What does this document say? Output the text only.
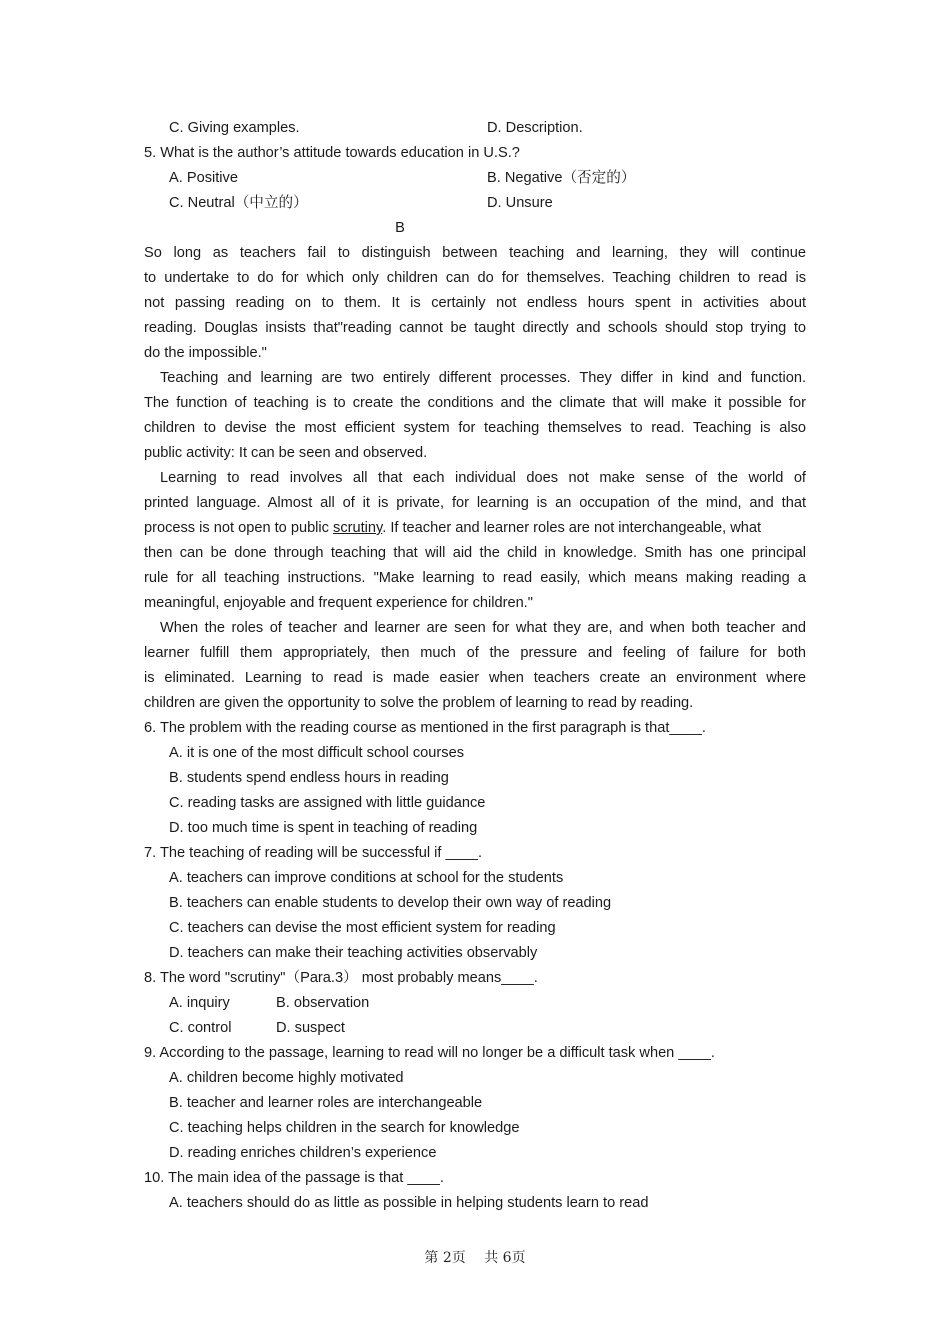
C. Giving examples.	D. Description.
5. What is the author’s attitude towards education in U.S.?
A. Positive	B. Negative（否定的）
C. Neutral（中立的）	D. Unsure
B
So long as teachers fail to distinguish between teaching and learning, they will continue
to undertake to do for which only children can do for themselves. Teaching children to read is
not passing reading on to them. It is certainly not endless hours spent in activities about
reading. Douglas insists that"reading cannot be taught directly and schools should stop trying to
do the impossible."
Teaching and learning are two entirely different processes. They differ in kind and function.
The function of teaching is to create the conditions and the climate that will make it possible for
children to devise the most efficient system for teaching themselves to read. Teaching is also
public activity: It can be seen and observed.
Learning to read involves all that each individual does not make sense of the world of
printed language. Almost all of it is private, for learning is an occupation of the mind, and that
process is not open to public scrutiny. If teacher and learner roles are not interchangeable, what
then can be done through teaching that will aid the child in knowledge. Smith has one principal
rule for all teaching instructions. "Make learning to read easily, which means making reading a
meaningful, enjoyable and frequent experience for children."
When the roles of teacher and learner are seen for what they are, and when both teacher and
learner fulfill them appropriately, then much of the pressure and feeling of failure for both
is eliminated. Learning to read is made easier when teachers create an environment where
children are given the opportunity to solve the problem of learning to read by reading.
6. The problem with the reading course as mentioned in the first paragraph is that____.
A. it is one of the most difficult school courses
B. students spend endless hours in reading
C. reading tasks are assigned with little guidance
D. too much time is spent in teaching of reading
7. The teaching of reading will be successful if ____.
A. teachers can improve conditions at school for the students
B. teachers can enable students to develop their own way of reading
C. teachers can devise the most efficient system for reading
D. teachers can make their teaching activities observably
8. The word "scrutiny"（Para.3） most probably means____.
A. inquiry	B. observation
C. control	D. suspect
9. According to the passage, learning to read will no longer be a difficult task when ____.
A. children become highly motivated
B. teacher and learner roles are interchangeable
C. teaching helps children in the search for knowledge
D. reading enriches children’s experience
10. The main idea of the passage is that ____.
A. teachers should do as little as possible in helping students learn to read
第 2页　 共 6页
